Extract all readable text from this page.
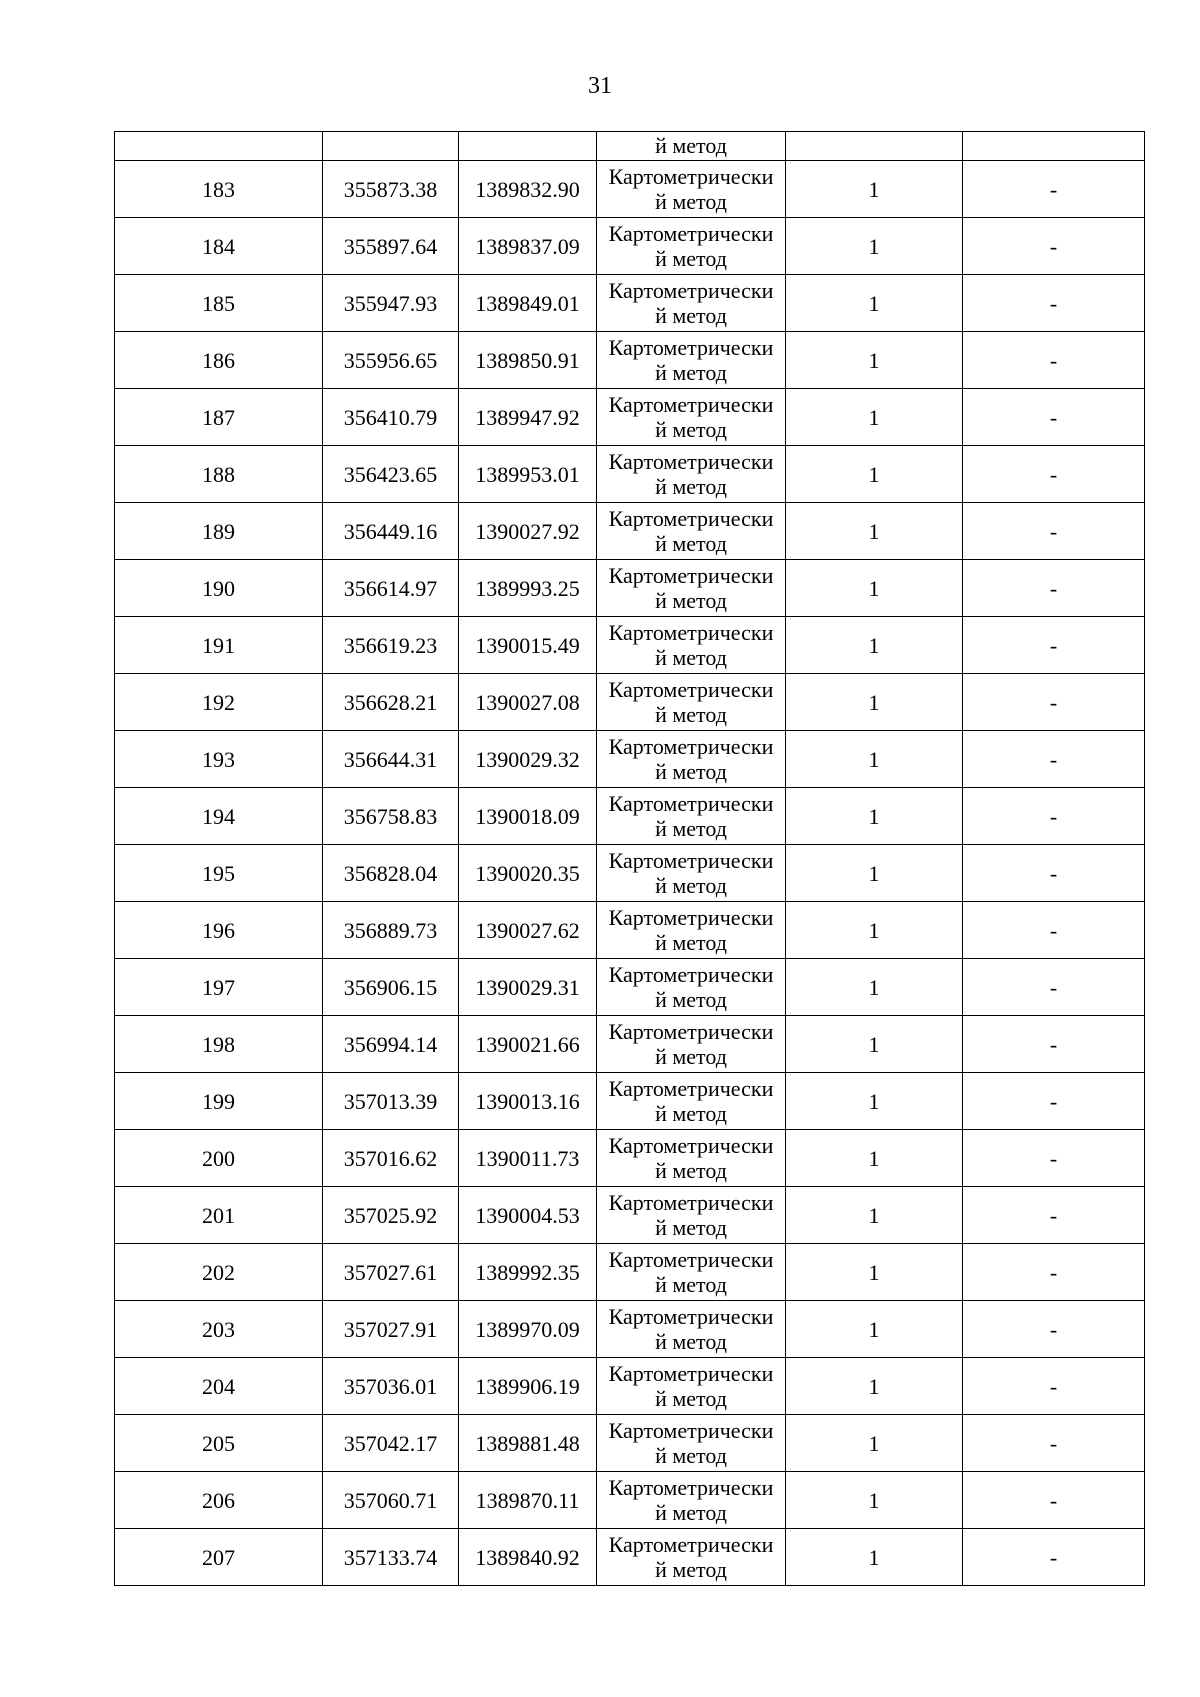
31
			й метод		
183	355873.38	1389832.90	Картометрически
й метод	1	-
184	355897.64	1389837.09	Картометрически
й метод	1	-
185	355947.93	1389849.01	Картометрически
й метод	1	-
186	355956.65	1389850.91	Картометрически
й метод	1	-
187	356410.79	1389947.92	Картометрически
й метод	1	-
188	356423.65	1389953.01	Картометрически
й метод	1	-
189	356449.16	1390027.92	Картометрически
й метод	1	-
190	356614.97	1389993.25	Картометрически
й метод	1	-
191	356619.23	1390015.49	Картометрически
й метод	1	-
192	356628.21	1390027.08	Картометрически
й метод	1	-
193	356644.31	1390029.32	Картометрически
й метод	1	-
194	356758.83	1390018.09	Картометрически
й метод	1	-
195	356828.04	1390020.35	Картометрически
й метод	1	-
196	356889.73	1390027.62	Картометрически
й метод	1	-
197	356906.15	1390029.31	Картометрически
й метод	1	-
198	356994.14	1390021.66	Картометрически
й метод	1	-
199	357013.39	1390013.16	Картометрически
й метод	1	-
200	357016.62	1390011.73	Картометрически
й метод	1	-
201	357025.92	1390004.53	Картометрически
й метод	1	-
202	357027.61	1389992.35	Картометрически
й метод	1	-
203	357027.91	1389970.09	Картометрически
й метод	1	-
204	357036.01	1389906.19	Картометрически
й метод	1	-
205	357042.17	1389881.48	Картометрически
й метод	1	-
206	357060.71	1389870.11	Картометрически
й метод	1	-
207	357133.74	1389840.92	Картометрически
й метод	1	-
